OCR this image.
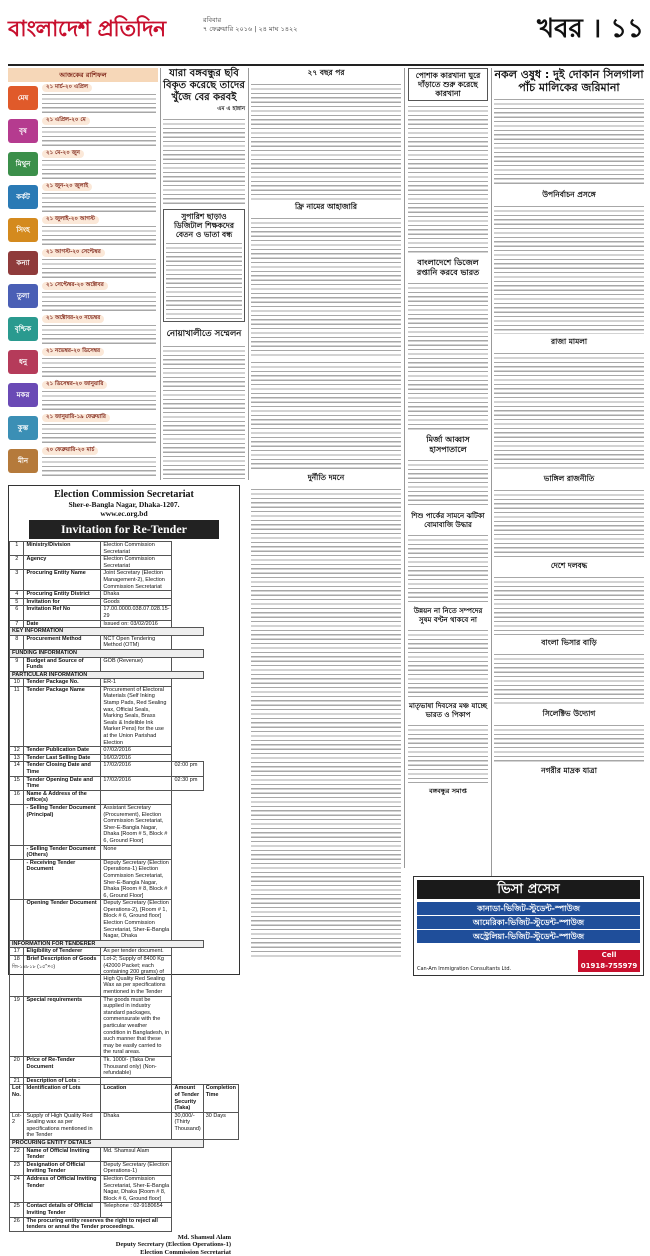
বাংলাদেশ প্রতিদিন	রবিবার
৭ ফেব্রুয়ারি ২০১৬ | ২৪ মাঘ ১৪২২	খবর । ১১
আজকের রাশিফল
মেষ
২১ মার্চ-২০ এপ্রিল
বৃষ
২১ এপ্রিল-২০ মে
মিথুন
২১ মে-২০ জুন
কর্কট
২১ জুন-২০ জুলাই
সিংহ
২১ জুলাই-২০ আগস্ট
কন্যা
২১ আগস্ট-২০ সেপ্টেম্বর
তুলা
২১ সেপ্টেম্বর-২০ অক্টোবর
বৃশ্চিক
২১ অক্টোবর-২০ নভেম্বর
ধনু
২১ নভেম্বর-২০ ডিসেম্বর
মকর
২১ ডিসেম্বর-২০ জানুয়ারি
কুম্ভ
২১ জানুয়ারি-১৯ ফেব্রুয়ারি
মীন
২০ ফেব্রুয়ারি-২০ মার্চ
যারা বঙ্গবন্ধুর ছবি বিকৃত করেছে তাদের খুঁজে বের করবই
এম এ হান্নান
সুপারিশ ছাড়াও ডিজিটাল শিক্ষকদের বেতন ও ভাতা বন্ধ
নোয়াখালীতে সম্মেলন
২৭ বছর পর
ফ্রি নামের আহাজারি
দুর্নীতি দমনে
পোশাক কারখানা ঘুরে দাঁড়াতে শুরু করেছে কারখানা
বাংলাদেশে ডিজেল রপ্তানি করবে ভারত
মির্জা আব্বাস হাসপাতালে
শিশু পার্কের সামনে ঝটিকা বোমাবাজি উদ্ধার
উন্নয়ন না নিতে সম্পদের সুষম বণ্টন থাকবে না
মাতৃভাষা দিবসের মঞ্চ যাচ্ছে ভারত ও পিকাপ
বঙ্গবন্ধুর সমাপ্ত
নকল ওষুধ : দুই দোকান সিলগালা পাঁচ মালিকের জরিমানা
উপনির্বাচন প্রসঙ্গে
রাজা মামলা
ভাঙ্গিল রাজনীতি
দেশে দলবদ্ধ
বাংলা ভিসার বাড়ি
সিলেক্টিভ উদ্যোগ
নগরীর মাদ্রক যাত্রা
Election Commission Secretariat
Sher-e-Bangla Nagar, Dhaka-1207.
www.ec.org.bd
Invitation for Re-Tender
1	Ministry/Division	Election Commission Secretariat		
2	Agency	Election Commission Secretariat		
3	Procuring Entity Name	Joint Secretary (Election Management-2), Election Commission Secretariat		
4	Procuring Entity District	Dhaka		
5	Invitation for	Goods		
6	Invitation Ref No	17.00.0000.038.07.028.15-29		
7	Date	Issued on: 03/02/2016		
KEY INFORMATION				
8	Procurement Method	NCT Open Tendering Method (OTM)		
FUNDING INFORMATION				
9	Budget and Source of Funds	GOB (Revenue)		
PARTICULAR INFORMATION				
10	Tender Package No.	ER-1		
11	Tender Package Name	Procurement of Electoral Materials (Self Inking Stamp Pads, Red Sealing wax, Official Seals, Marking Seals, Brass Seals & Indelible Ink Marker Pens) for the use at the Union Parishad Election		
12	Tender Publication Date	07/02/2016		
13	Tender Last Selling Date	16/02/2016		
14	Tender Closing Date and Time	17/02/2016	02:00 pm	
15	Tender Opening Date and Time	17/02/2016	02:30 pm	
16	Name & Address of the office(s)			
	- Selling Tender Document (Principal)	Assistant Secretary (Procurement), Election Commission Secretariat, Sher-E-Bangla Nagar, Dhaka [Room # 5, Block # 6, Ground Floor]		
	- Selling Tender Document (Others)	None		
	- Receiving Tender Document	Deputy Secretary (Election Operations-1) Election Commission Secretariat, Sher-E-Bangla Nagar, Dhaka [Room # 8, Block # 6, Ground Floor]		
	Opening Tender Document	Deputy Secretary (Election Operations-2), [Room # 1, Block # 6, Ground floor] Election Commission Secretariat, Sher-E-Bangla Nagar, Dhaka		
INFORMATION FOR TENDERER				
17	Eligibility of Tenderer	As per tender document.		
18	Brief Description of Goods	Lot-2; Supply of 8400 Kg (42000 Packet; each containing 200 grams) of High Quality Red Sealing Wax as per specifications mentioned in the Tender		
19	Special requirements	The goods must be supplied in industry standard packages, commensurate with the particular weather condition in Bangladesh, in such manner that these may be easily carried to the rural areas.		
20	Price of Re-Tender Document	Tk. 1000/- (Taka One Thousand only) (Non-refundable)		
21	Description of Lots :			
Lot No.	Identification of Lots	Location	Amount of Tender Security (Taka)	Completion Time
Lot-2	Supply of High Quality Red Sealing wax as per specifications mentioned in the Tender	Dhaka	30,000/- (Thirty Thousand)	30 Days
PROCURING ENTITY DETAILS				
22	Name of Official Inviting Tender	Md. Shamsul Alam		
23	Designation of Official Inviting Tender	Deputy Secretary (Election Operations-1)		
24	Address of Official Inviting Tender	Election Commission Secretariat, Sher-E-Bangla Nagar, Dhaka [Room # 8, Block # 6, Ground floor]		
25	Contact details of Official Inviting Tender	Telephone : 02-9180654		
26	The procuring entity reserves the right to reject all tenders or annul the Tender proceedings.			
Md. Shamsul Alam
Deputy Secretary (Election Operations-1)
Election Commission Secretariat
জি-১৪৮১৮ (১৫''×৩)
ভিসা প্রসেস
কানাডা-ভিজিট-স্টুডেন্ট-স্পাউজ
আমেরিকা-ভিজিট-স্টুডেন্ট-স্পাউজ
অস্ট্রেলিয়া-ভিজিট-স্টুডেন্ট-স্পাউজ
Can-Am Immigration Consultants Ltd.
Cell
01918-755979
